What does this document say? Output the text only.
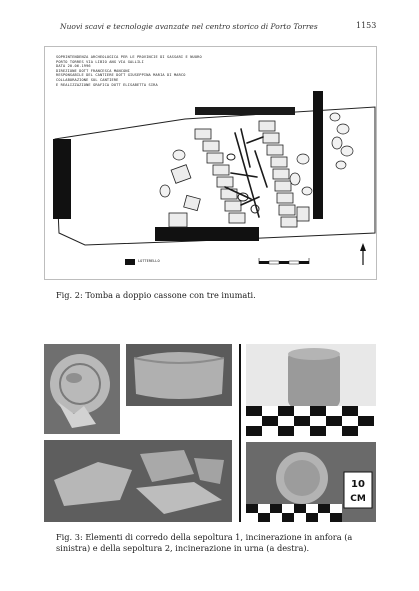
Nuovi scavi e tecnologie avanzate nel centro storico di Porto Torres	1153
SOPRINTENDENZA ARCHEOLOGICA PER LE PROVINCIE DI SASSARI E NUORO
PORTO TORRES VIA LIBIO ANG VIA GALLILI
DATA 20.06.1996
DIREZIONE DOTT FRANCESCA MANCONI
RESPONSABILE DEL CANTIERE DOTT GIUSEPPINA MARIA DI MARCO
COLLABORAZIONE SUL CANTIERE
E REALIZZAZIONE GRAFICA DOTT ELISABETTA SIRA
LOTTERELLO
Fig. 2: Tomba a doppio cassone con tre inumati.
10
CM
Fig. 3: Elementi di corredo della sepoltura 1, incinerazione in anfora (a sinistra) e della sepoltura 2, incinerazione in urna (a destra).
